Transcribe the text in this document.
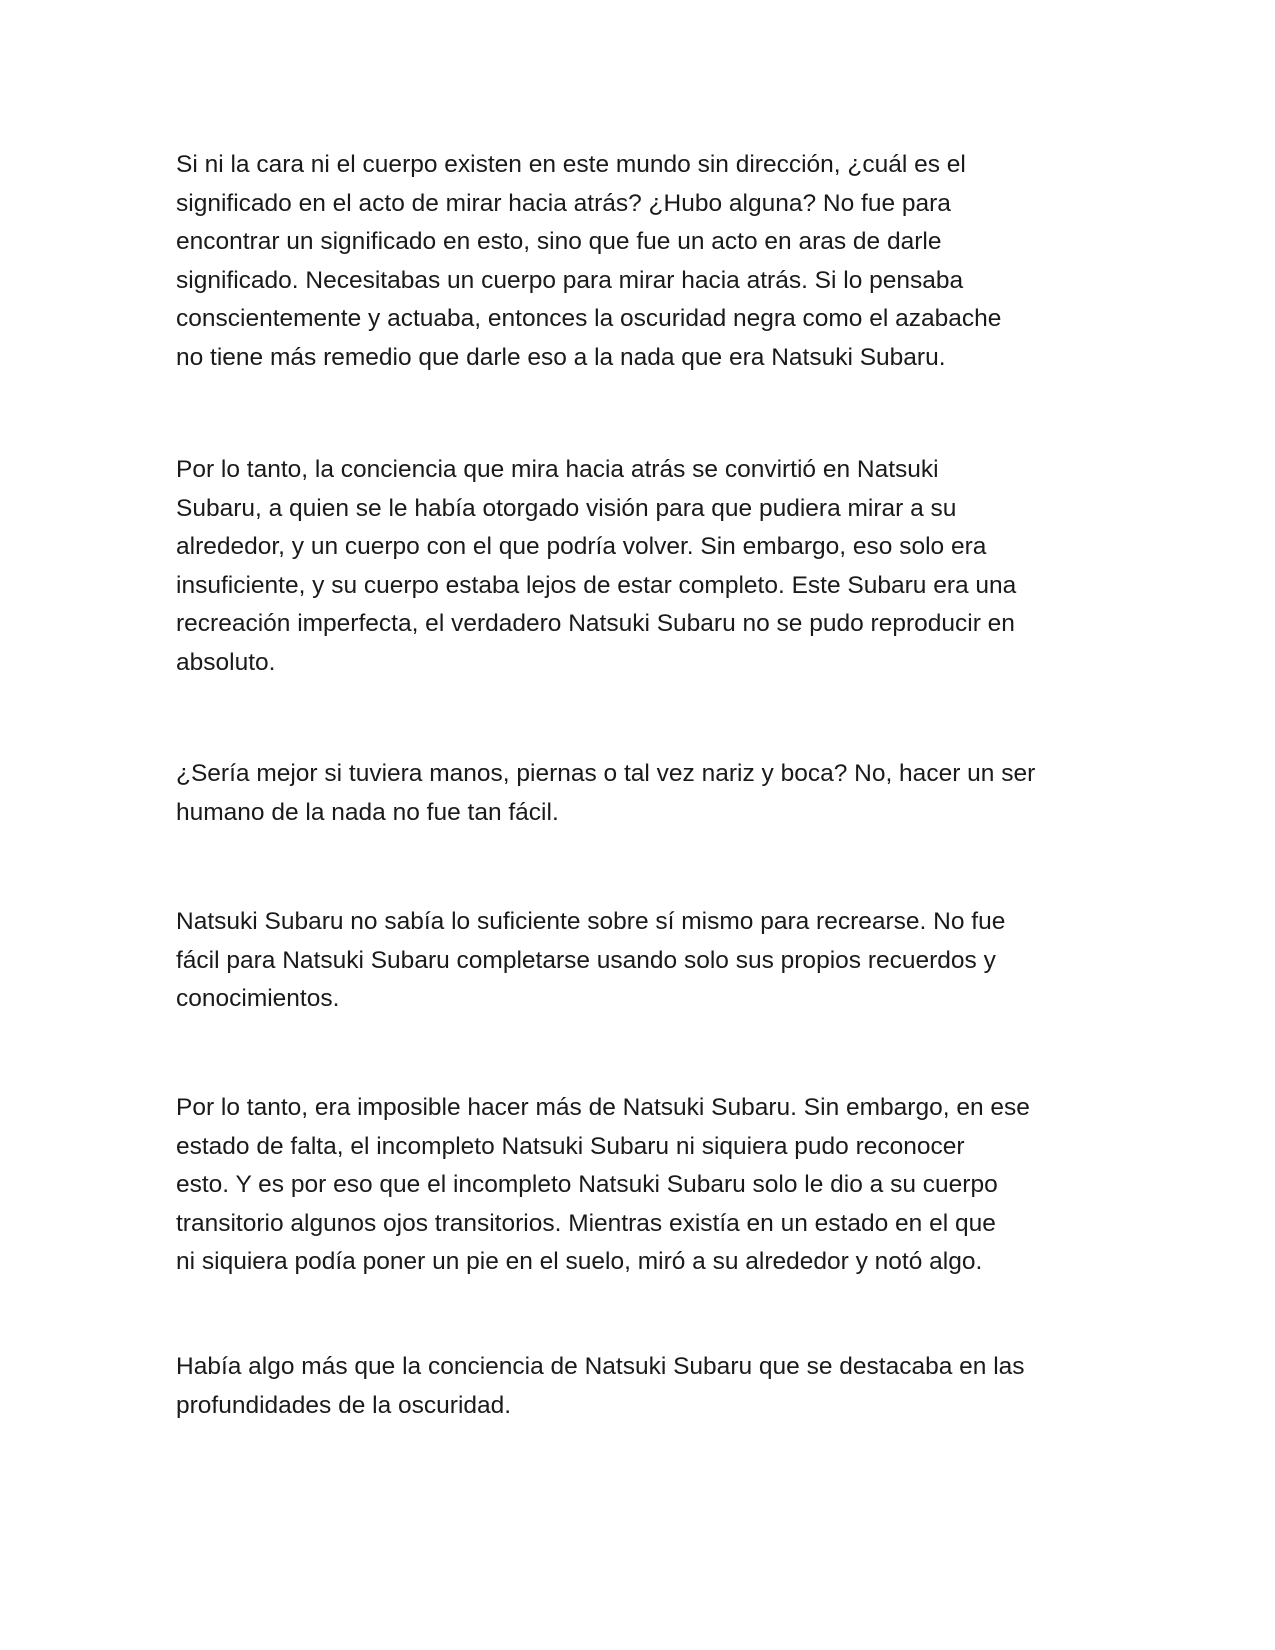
Si ni la cara ni el cuerpo existen en este mundo sin dirección, ¿cuál es el
significado en el acto de mirar hacia atrás? ¿Hubo alguna? No fue para
encontrar un significado en esto, sino que fue un acto en aras de darle
significado. Necesitabas un cuerpo para mirar hacia atrás. Si lo pensaba
conscientemente y actuaba, entonces la oscuridad negra como el azabache
no tiene más remedio que darle eso a la nada que era Natsuki Subaru.

Por lo tanto, la conciencia que mira hacia atrás se convirtió en Natsuki
Subaru, a quien se le había otorgado visión para que pudiera mirar a su
alrededor, y un cuerpo con el que podría volver. Sin embargo, eso solo era
insuficiente, y su cuerpo estaba lejos de estar completo. Este Subaru era una
recreación imperfecta, el verdadero Natsuki Subaru no se pudo reproducir en
absoluto.

¿Sería mejor si tuviera manos, piernas o tal vez nariz y boca? No, hacer un ser
humano de la nada no fue tan fácil.

Natsuki Subaru no sabía lo suficiente sobre sí mismo para recrearse. No fue
fácil para Natsuki Subaru completarse usando solo sus propios recuerdos y
conocimientos.

Por lo tanto, era imposible hacer más de Natsuki Subaru. Sin embargo, en ese
estado de falta, el incompleto Natsuki Subaru ni siquiera pudo reconocer
esto. Y es por eso que el incompleto Natsuki Subaru solo le dio a su cuerpo
transitorio algunos ojos transitorios. Mientras existía en un estado en el que
ni siquiera podía poner un pie en el suelo, miró a su alrededor y notó algo.

Había algo más que la conciencia de Natsuki Subaru que se destacaba en las
profundidades de la oscuridad.
